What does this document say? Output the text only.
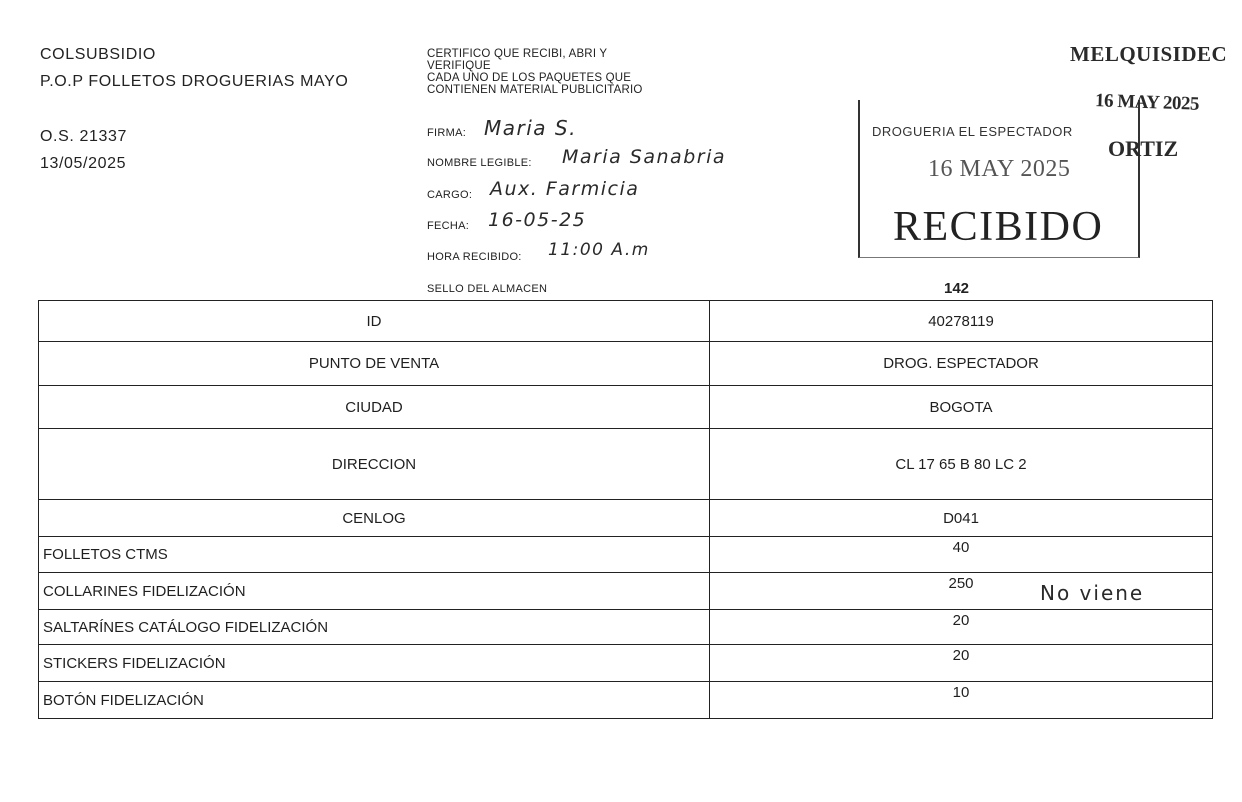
COLSUBSIDIO
P.O.P FOLLETOS DROGUERIAS MAYO
O.S. 21337
13/05/2025
CERTIFICO QUE RECIBI, ABRI Y
VERIFIQUE
CADA UNO DE LOS PAQUETES QUE
CONTIENEN MATERIAL PUBLICITARIO
FIRMA: Maria S.
NOMBRE LEGIBLE: Maria Sanabria
CARGO: Aux. Farmicia
FECHA: 16-05-25
HORA RECIBIDO: 11:00 A.m
SELLO DEL ALMACEN	142
MELQUISIDEC
16 MAY 2025
DROGUERIA EL ESPECTADOR
ORTIZ
16 MAY 2025
RECIBIDO
ID	40278119
PUNTO DE VENTA	DROG. ESPECTADOR
CIUDAD	BOGOTA
DIRECCION	CL 17 65 B 80 LC 2
CENLOG	D041
FOLLETOS CTMS	40
COLLARINES FIDELIZACIÓN	250
SALTARÍNES CATÁLOGO FIDELIZACIÓN	20
STICKERS FIDELIZACIÓN	20
BOTÓN FIDELIZACIÓN	10
No viene
